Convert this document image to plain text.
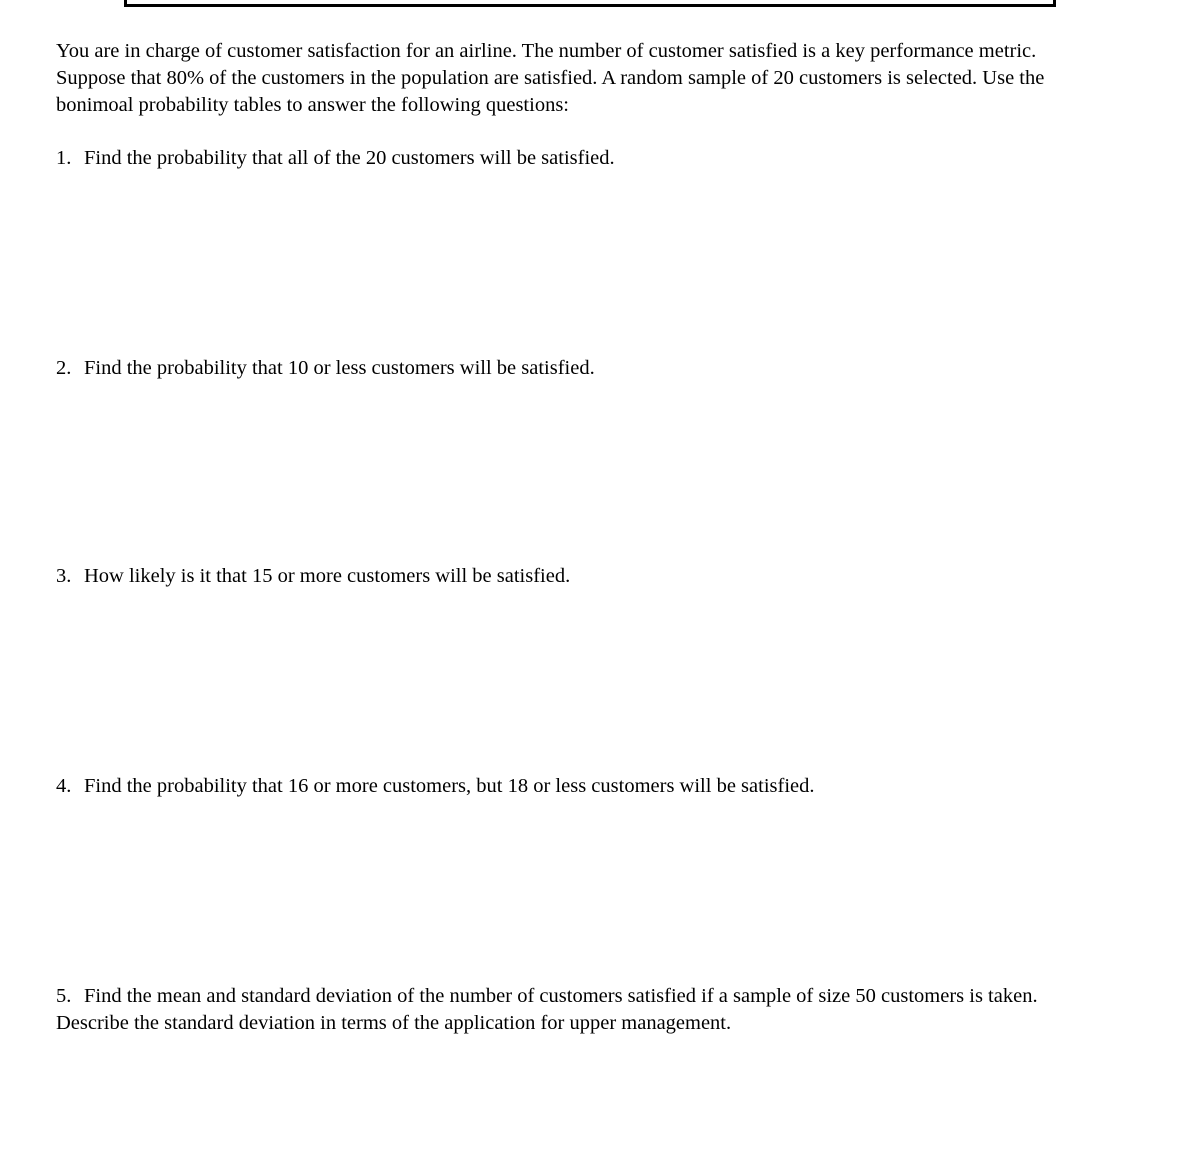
You are in charge of customer satisfaction for an airline. The number of customer satisfied is a key performance metric. Suppose that 80% of the customers in the population are satisfied. A random sample of 20 customers is selected. Use the bonimoal probability tables to answer the following questions:

1. Find the probability that all of the 20 customers will be satisfied.

2. Find the probability that 10 or less customers will be satisfied.

3. How likely is it that 15 or more customers will be satisfied.

4. Find the probability that 16 or more customers, but 18 or less customers will be satisfied.

5. Find the mean and standard deviation of the number of customers satisfied if a sample of size 50 customers is taken. Describe the standard deviation in terms of the application for upper management.
